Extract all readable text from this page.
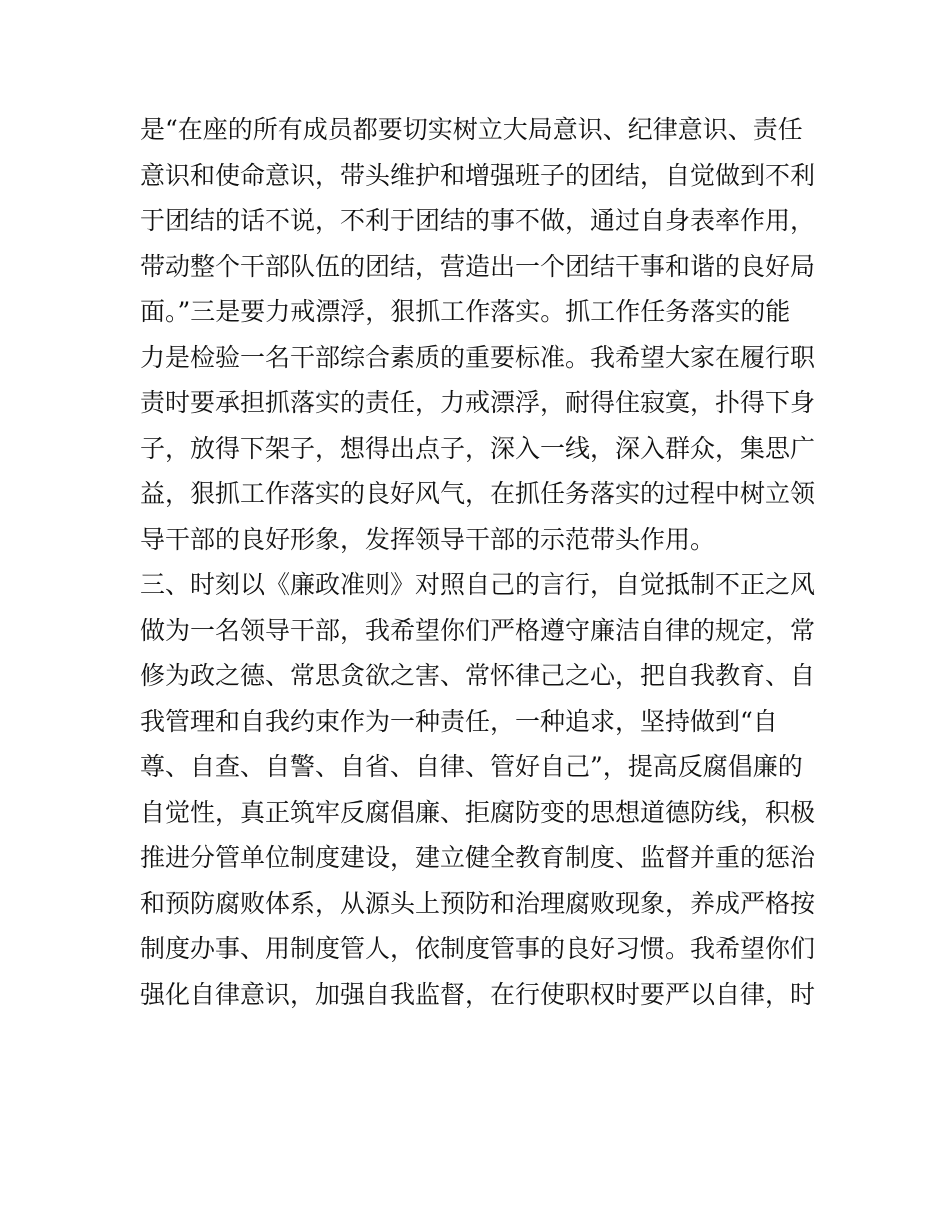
是“在座的所有成员都要切实树立大局意识、纪律意识、责任
意识和使命意识，带头维护和增强班子的团结，自觉做到不利
于团结的话不说，不利于团结的事不做，通过自身表率作用，
带动整个干部队伍的团结，营造出一个团结干事和谐的良好局
面。”三是要力戒漂浮，狠抓工作落实。抓工作任务落实的能
力是检验一名干部综合素质的重要标准。我希望大家在履行职
责时要承担抓落实的责任，力戒漂浮，耐得住寂寞，扑得下身
子，放得下架子，想得出点子，深入一线，深入群众，集思广
益，狠抓工作落实的良好风气，在抓任务落实的过程中树立领
导干部的良好形象，发挥领导干部的示范带头作用。
三、时刻以《廉政准则》对照自己的言行，自觉抵制不正之风
做为一名领导干部，我希望你们严格遵守廉洁自律的规定，常
修为政之德、常思贪欲之害、常怀律己之心，把自我教育、自
我管理和自我约束作为一种责任，一种追求，坚持做到“自
尊、自查、自警、自省、自律、管好自己”，提高反腐倡廉的
自觉性，真正筑牢反腐倡廉、拒腐防变的思想道德防线，积极
推进分管单位制度建设，建立健全教育制度、监督并重的惩治
和预防腐败体系，从源头上预防和治理腐败现象，养成严格按
制度办事、用制度管人，依制度管事的良好习惯。我希望你们
强化自律意识，加强自我监督，在行使职权时要严以自律，时
